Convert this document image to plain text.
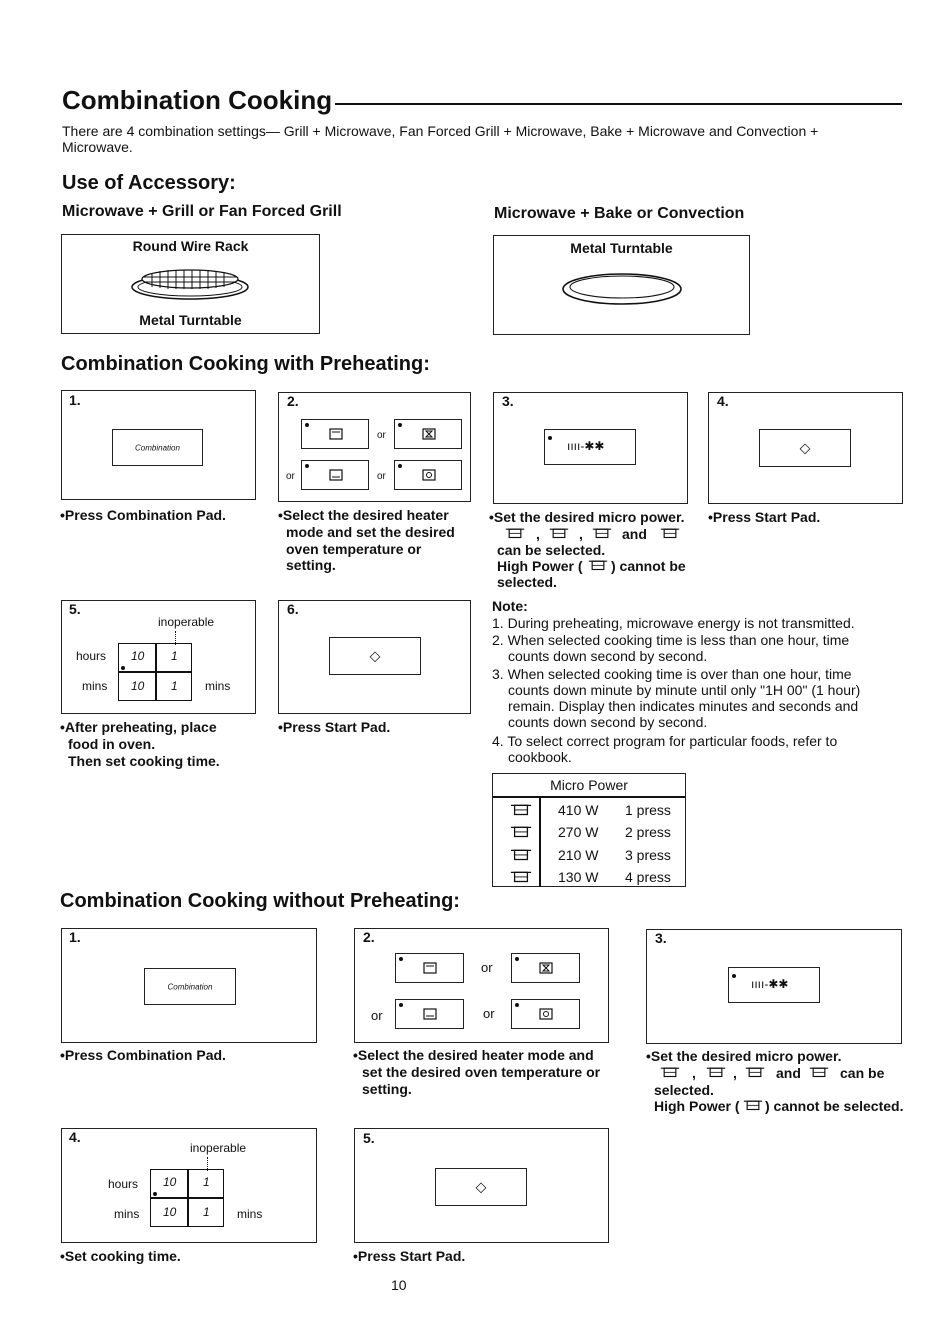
Combination Cooking
There are 4 combination settings— Grill + Microwave, Fan Forced Grill + Microwave, Bake + Microwave and Convection + Microwave.
Use of Accessory:
Microwave + Grill or Fan Forced Grill	Microwave + Bake or Convection
Round Wire Rack
Metal Turntable
Metal Turntable
Combination Cooking with Preheating:
1.
Combination
•Press Combination Pad.
2.
or
or	or
•Select the desired heater
mode and set the desired
oven temperature or
setting.
3.
ıııı-✱✱
•Set the desired micro power.
,	,	and
can be selected.
High Power ( ) cannot be
selected.
4.
◇
•Press Start Pad.
5.
inoperable
10 1
10 1
hours
mins	mins
•After preheating, place
food in oven.
Then set cooking time.
6.
◇
•Press Start Pad.
Note:
1. During preheating, microwave energy is not transmitted.
2. When selected cooking time is less than one hour, time
counts down second by second.
3. When selected cooking time is over than one hour, time
counts down minute by minute until only "1H 00" (1 hour)
remain. Display then indicates minutes and seconds and
counts down second by second.
4. To select correct program for particular foods, refer to
cookbook.
Micro Power
410 W 1 press
270 W 2 press
210 W 3 press
130 W 4 press
Combination Cooking without Preheating:
1.
Combination
•Press Combination Pad.
2.
or
or	or
•Select the desired heater mode and
set the desired oven temperature or
setting.
3.
ıııı-✱✱
•Set the desired micro power.
,	,	and	can be
selected.
High Power ( ) cannot be selected.
4.
inoperable
10 1
10 1
hours
mins	mins
•Set cooking time.
5.
◇
•Press Start Pad.
10
